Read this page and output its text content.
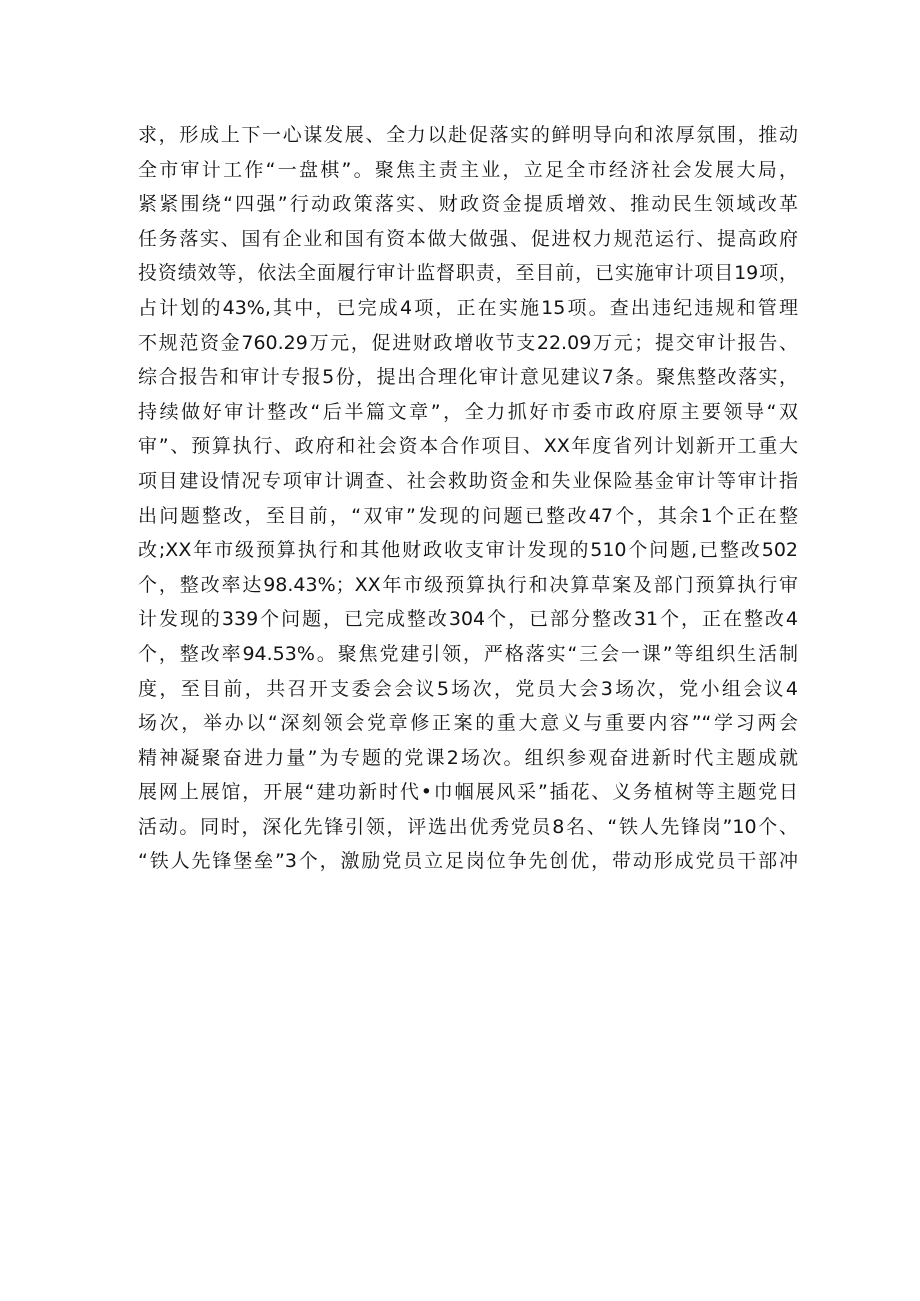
求，形成上下一心谋发展、全力以赴促落实的鲜明导向和浓厚氛围，推动
全市审计工作“一盘棋”。聚焦主责主业，立足全市经济社会发展大局，
紧紧围绕“四强”行动政策落实、财政资金提质增效、推动民生领域改革
任务落实、国有企业和国有资本做大做强、促进权力规范运行、提高政府
投资绩效等，依法全面履行审计监督职责，至目前，已实施审计项目19项，
占计划的43%,其中，已完成4项，正在实施15项。查出违纪违规和管理
不规范资金760.29万元，促进财政增收节支22.09万元；提交审计报告、
综合报告和审计专报5份，提出合理化审计意见建议7条。聚焦整改落实，
持续做好审计整改“后半篇文章”，全力抓好市委市政府原主要领导“双
审”、预算执行、政府和社会资本合作项目、XX年度省列计划新开工重大
项目建设情况专项审计调查、社会救助资金和失业保险基金审计等审计指
出问题整改，至目前，“双审”发现的问题已整改47个，其余1个正在整
改;XX年市级预算执行和其他财政收支审计发现的510个问题,已整改502
个，整改率达98.43%；XX年市级预算执行和决算草案及部门预算执行审
计发现的339个问题，已完成整改304个，已部分整改31个，正在整改4
个，整改率94.53%。聚焦党建引领，严格落实“三会一课”等组织生活制
度，至目前，共召开支委会会议5场次，党员大会3场次，党小组会议4
场次，举办以“深刻领会党章修正案的重大意义与重要内容”“学习两会
精神凝聚奋进力量”为专题的党课2场次。组织参观奋进新时代主题成就
展网上展馆，开展“建功新时代•巾帼展风采”插花、义务植树等主题党日
活动。同时，深化先锋引领，评选出优秀党员8名、“铁人先锋岗”10个、
“铁人先锋堡垒”3个，激励党员立足岗位争先创优，带动形成党员干部冲
